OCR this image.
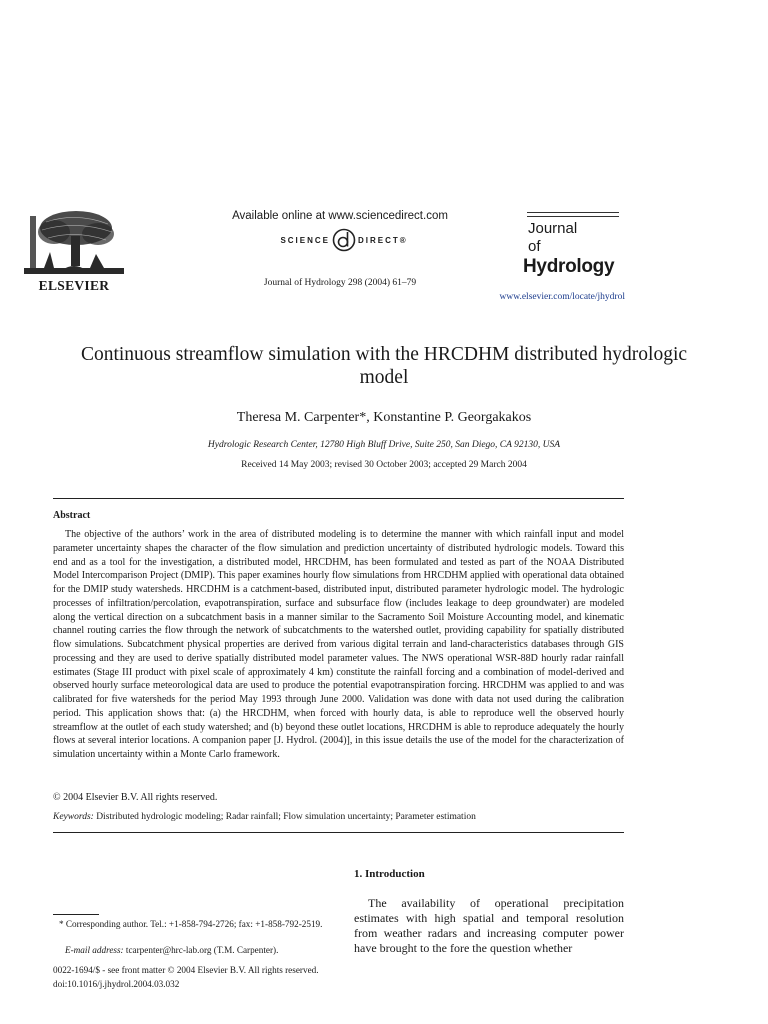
ELSEVIER
Available online at www.sciencedirect.com
SCIENCE	DIRECT®
Journal of Hydrology 298 (2004) 61–79
Journal
of
Hydrology
www.elsevier.com/locate/jhydrol
Continuous streamflow simulation with the HRCDHM distributed hydrologic model
Theresa M. Carpenter*, Konstantine P. Georgakakos
Hydrologic Research Center, 12780 High Bluff Drive, Suite 250, San Diego, CA 92130, USA
Received 14 May 2003; revised 30 October 2003; accepted 29 March 2004
Abstract
The objective of the authors’ work in the area of distributed modeling is to determine the manner with which rainfall input and model parameter uncertainty shapes the character of the flow simulation and prediction uncertainty of distributed hydrologic models. Toward this end and as a tool for the investigation, a distributed model, HRCDHM, has been formulated and tested as part of the NOAA Distributed Model Intercomparison Project (DMIP). This paper examines hourly flow simulations from HRCDHM applied with operational data obtained for the DMIP study watersheds. HRCDHM is a catchment-based, distributed input, distributed parameter hydrologic model. The hydrologic processes of infiltration/percolation, evapotranspiration, surface and subsurface flow (includes leakage to deep groundwater) are modeled along the vertical direction on a subcatchment basis in a manner similar to the Sacramento Soil Moisture Accounting model, and kinematic channel routing carries the flow through the network of subcatchments to the watershed outlet, providing capability for spatially distributed flow simulations. Subcatchment physical properties are derived from various digital terrain and land-characteristics databases through GIS processing and they are used to derive spatially distributed model parameter values. The NWS operational WSR-88D hourly radar rainfall estimates (Stage III product with pixel scale of approximately 4 km) constitute the rainfall forcing and a combination of model-derived and observed hourly surface meteorological data are used to produce the potential evapotranspiration forcing. HRCDHM was applied to and was calibrated for five watersheds for the period May 1993 through June 2000. Validation was done with data not used during the calibration period. This application shows that: (a) the HRCDHM, when forced with hourly data, is able to reproduce well the observed hourly streamflow at the outlet of each study watershed; and (b) beyond these outlet locations, HRCDHM is able to reproduce adequately the hourly flows at several interior locations. A companion paper [J. Hydrol. (2004)], in this issue details the use of the model for the characterization of simulation uncertainty within a Monte Carlo framework.
© 2004 Elsevier B.V. All rights reserved.
Keywords: Distributed hydrologic modeling; Radar rainfall; Flow simulation uncertainty; Parameter estimation
1. Introduction
The availability of operational precipitation estimates with high spatial and temporal resolution from weather radars and increasing computer power have brought to the fore the question whether
* Corresponding author. Tel.: +1-858-794-2726; fax: +1-858-792-2519.
E-mail address: tcarpenter@hrc-lab.org (T.M. Carpenter).
0022-1694/$ - see front matter © 2004 Elsevier B.V. All rights reserved.
doi:10.1016/j.jhydrol.2004.03.032
